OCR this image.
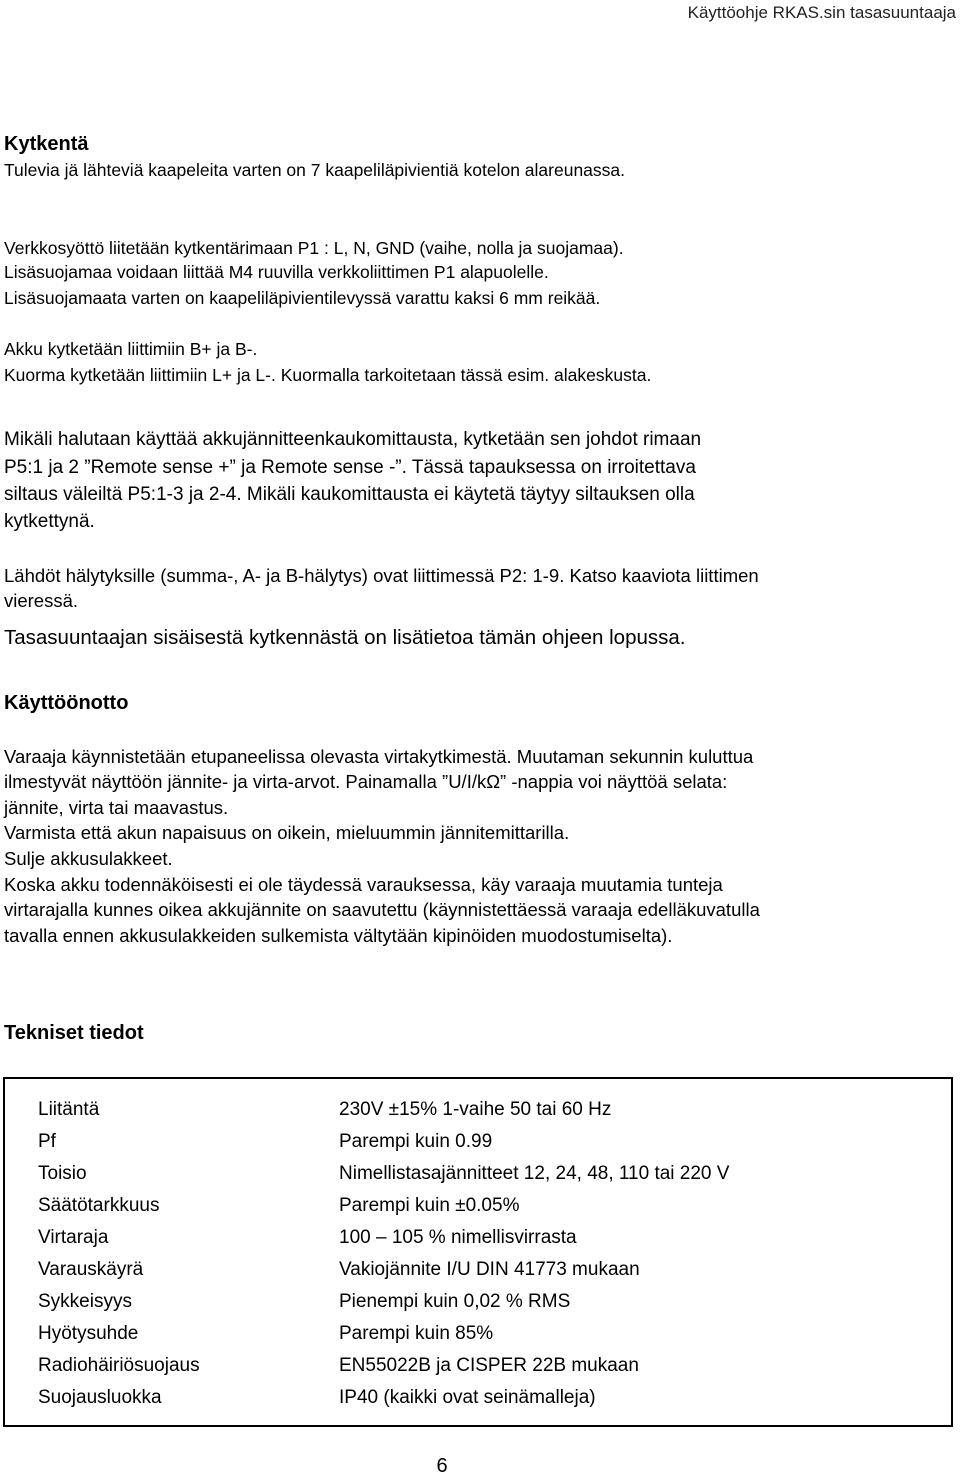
Käyttöohje RKAS.sin tasasuuntaaja
Kytkentä
Tulevia jä lähteviä kaapeleita varten on 7 kaapeliläpivientiä kotelon alareunassa.
Verkkosyöttö liitetään kytkentärimaan P1 : L, N, GND (vaihe, nolla ja suojamaa).
Lisäsuojamaa voidaan liittää M4 ruuvilla verkkoliittimen P1 alapuolelle.
Lisäsuojamaata varten on kaapeliläpivientilevyssä varattu kaksi 6 mm reikää.
Akku kytketään liittimiin B+ ja B-.
Kuorma kytketään liittimiin L+ ja L-. Kuormalla tarkoitetaan tässä esim. alakeskusta.
Mikäli halutaan käyttää akkujännitteenkaukomittausta, kytketään sen johdot rimaan
P5:1 ja 2 ”Remote sense +” ja Remote sense -”. Tässä tapauksessa on irroitettava
siltaus väleiltä P5:1-3 ja 2-4. Mikäli kaukomittausta ei käytetä täytyy siltauksen olla
kytkettynä.
Lähdöt hälytyksille (summa-, A- ja B-hälytys) ovat liittimessä P2: 1-9. Katso kaaviota liittimen
vieressä.
Tasasuuntaajan sisäisestä kytkennästä on lisätietoa tämän ohjeen lopussa.
Käyttöönotto
Varaaja käynnistetään etupaneelissa olevasta virtakytkimestä. Muutaman sekunnin kuluttua
ilmestyvät näyttöön jännite- ja virta-arvot. Painamalla ”U/I/kΩ” -nappia voi näyttöä selata:
jännite, virta tai maavastus.
Varmista että akun napaisuus on oikein, mieluummin jännitemittarilla.
Sulje akkusulakkeet.
Koska akku todennäköisesti ei ole täydessä varauksessa, käy varaaja muutamia tunteja
virtarajalla kunnes oikea akkujännite on saavutettu (käynnistettäessä varaaja edelläkuvatulla
tavalla ennen akkusulakkeiden sulkemista vältytään kipinöiden muodostumiselta).
Tekniset tiedot
Liitäntä	230V ±15% 1-vaihe 50 tai 60 Hz
Pf	Parempi kuin 0.99
Toisio	Nimellistasajännitteet 12, 24, 48, 110 tai 220 V
Säätötarkkuus	Parempi kuin ±0.05%
Virtaraja	100 – 105 % nimellisvirrasta
Varauskäyrä	Vakiojännite I/U DIN 41773 mukaan
Sykkeisyys	Pienempi kuin 0,02 % RMS
Hyötysuhde	Parempi kuin 85%
Radiohäiriösuojaus	EN55022B ja CISPER 22B mukaan
Suojausluokka	IP40 (kaikki ovat seinämalleja)
6
